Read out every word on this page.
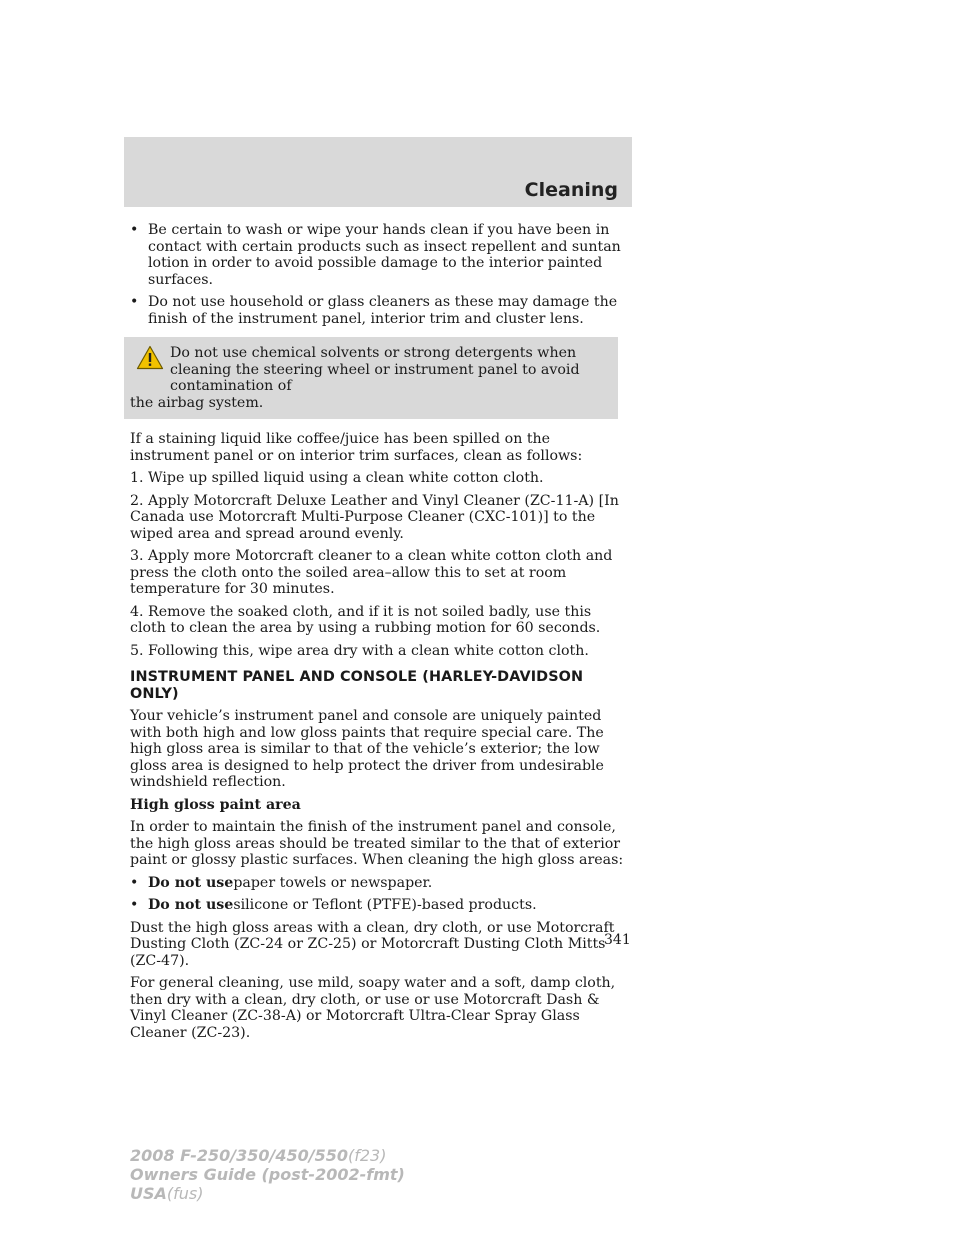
Cleaning
• Be certain to wash or wipe your hands clean if you have been in contact with certain products such as insect repellent and suntan lotion in order to avoid possible damage to the interior painted surfaces.
• Do not use household or glass cleaners as these may damage the finish of the instrument panel, interior trim and cluster lens.
Do not use chemical solvents or strong detergents when cleaning the steering wheel or instrument panel to avoid contamination of
the airbag system.

If a staining liquid like coffee/juice has been spilled on the instrument panel or on interior trim surfaces, clean as follows:

1. Wipe up spilled liquid using a clean white cotton cloth.

2. Apply Motorcraft Deluxe Leather and Vinyl Cleaner (ZC-11-A) [In Canada use Motorcraft Multi-Purpose Cleaner (CXC-101)] to the wiped area and spread around evenly.

3. Apply more Motorcraft cleaner to a clean white cotton cloth and press the cloth onto the soiled area–allow this to set at room temperature for 30 minutes.

4. Remove the soaked cloth, and if it is not soiled badly, use this cloth to clean the area by using a rubbing motion for 60 seconds.

5. Following this, wipe area dry with a clean white cotton cloth.

INSTRUMENT PANEL AND CONSOLE (HARLEY-DAVIDSON ONLY)

Your vehicle’s instrument panel and console are uniquely painted with both high and low gloss paints that require special care. The high gloss area is similar to that of the vehicle’s exterior; the low gloss area is designed to help protect the driver from undesirable windshield reflection.

High gloss paint area

In order to maintain the finish of the instrument panel and console, the high gloss areas should be treated similar to the that of exterior paint or glossy plastic surfaces. When cleaning the high gloss areas:

• Do not usepaper towels or newspaper.
• Do not usesilicone or Teflont (PTFE)-based products.

Dust the high gloss areas with a clean, dry cloth, or use Motorcraft Dusting Cloth (ZC-24 or ZC-25) or Motorcraft Dusting Cloth Mitts (ZC-47).

For general cleaning, use mild, soapy water and a soft, damp cloth, then dry with a clean, dry cloth, or use or use Motorcraft Dash & Vinyl Cleaner (ZC-38-A) or Motorcraft Ultra-Clear Spray Glass Cleaner (ZC-23).

341
2008 F-250/350/450/550(f23)
Owners Guide (post-2002-fmt)
USA(fus)
